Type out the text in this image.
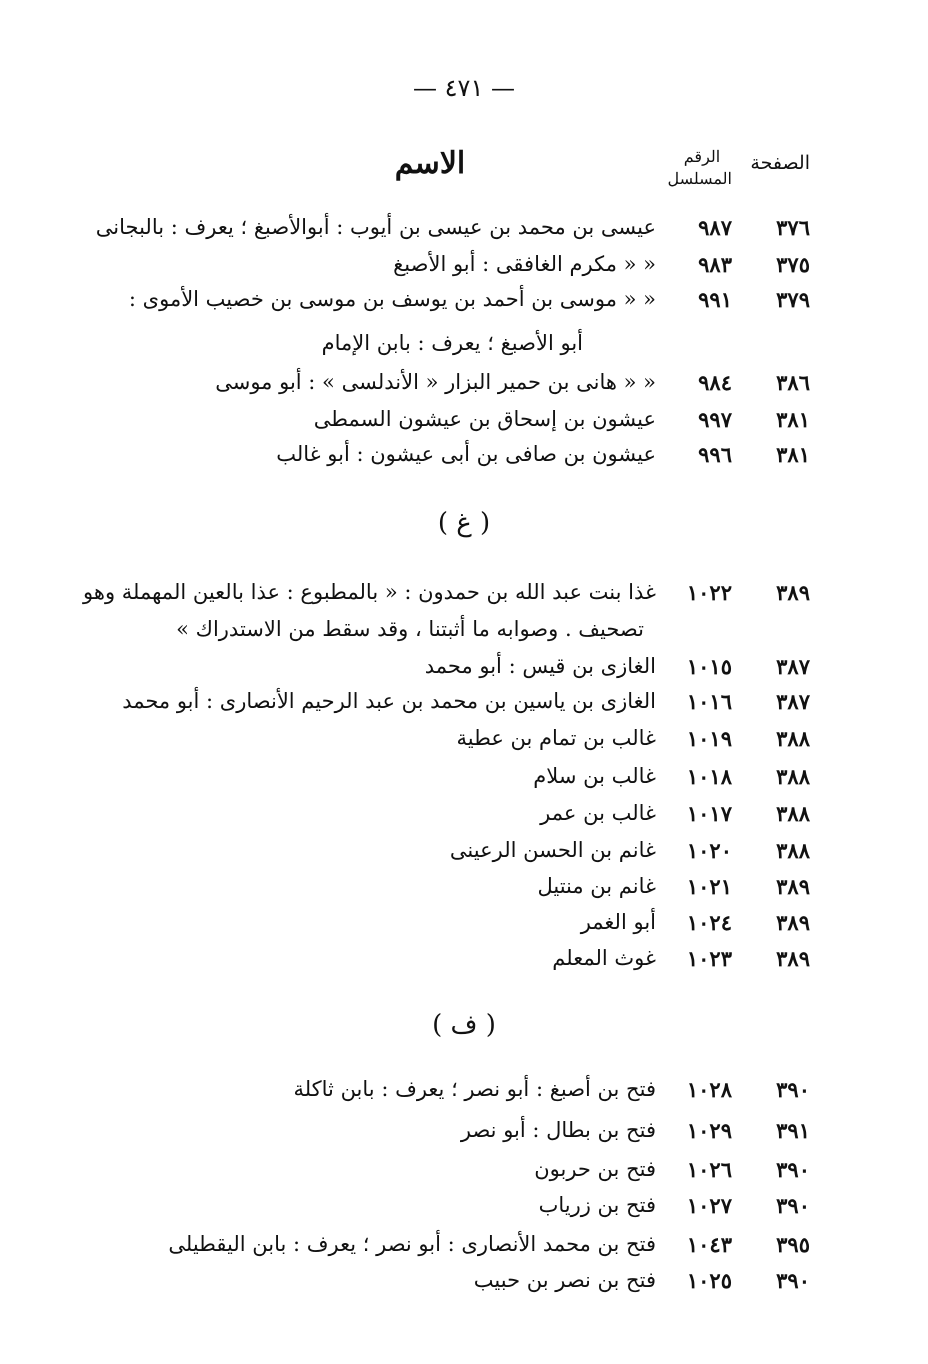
— ٤٧١ —
الصفحة
الرقم
المسلسل
الاسم
٣٧٦
٩٨٧
عيسى بن محمد بن عيسى بن أيوب : أبوالأصبغ ؛ يعرف : بالبجانى
٣٧٥
٩٨٣
« « مكرم الغافقى : أبو الأصبغ
٣٧٩
٩٩١
« « موسى بن أحمد بن يوسف بن موسى بن خصيب الأموى :
أبو الأصبغ ؛ يعرف : بابن الإمام
٣٨٦
٩٨٤
« « هانى بن حمير البزار « الأندلسى » : أبو موسى
٣٨١
٩٩٧
عيشون بن إسحاق بن عيشون السمطى
٣٨١
٩٩٦
عيشون بن صافى بن أبى عيشون : أبو غالب
( غ )
٣٨٩
١٠٢٢
غذا بنت عبد الله بن حمدون : « بالمطبوع : عذا بالعين المهملة وهو
تصحيف . وصوابه ما أثبتنا ، وقد سقط من الاستدراك »
٣٨٧
١٠١٥
الغازى بن قيس : أبو محمد
٣٨٧
١٠١٦
الغازى بن ياسين بن محمد بن عبد الرحيم الأنصارى : أبو محمد
٣٨٨
١٠١٩
غالب بن تمام بن عطية
٣٨٨
١٠١٨
غالب بن سلام
٣٨٨
١٠١٧
غالب بن عمر
٣٨٨
١٠٢٠
غانم بن الحسن الرعينى
٣٨٩
١٠٢١
غانم بن منتيل
٣٨٩
١٠٢٤
أبو الغمر
٣٨٩
١٠٢٣
غوث المعلم
( ف )
٣٩٠
١٠٢٨
فتح بن أصبغ : أبو نصر ؛ يعرف : بابن ثاكلة
٣٩١
١٠٢٩
فتح بن بطال : أبو نصر
٣٩٠
١٠٢٦
فتح بن حربون
٣٩٠
١٠٢٧
فتح بن زرياب
٣٩٥
١٠٤٣
فتح بن محمد الأنصارى : أبو نصر ؛ يعرف : بابن اليقطيلى
٣٩٠
١٠٢٥
فتح بن نصر بن حبيب
